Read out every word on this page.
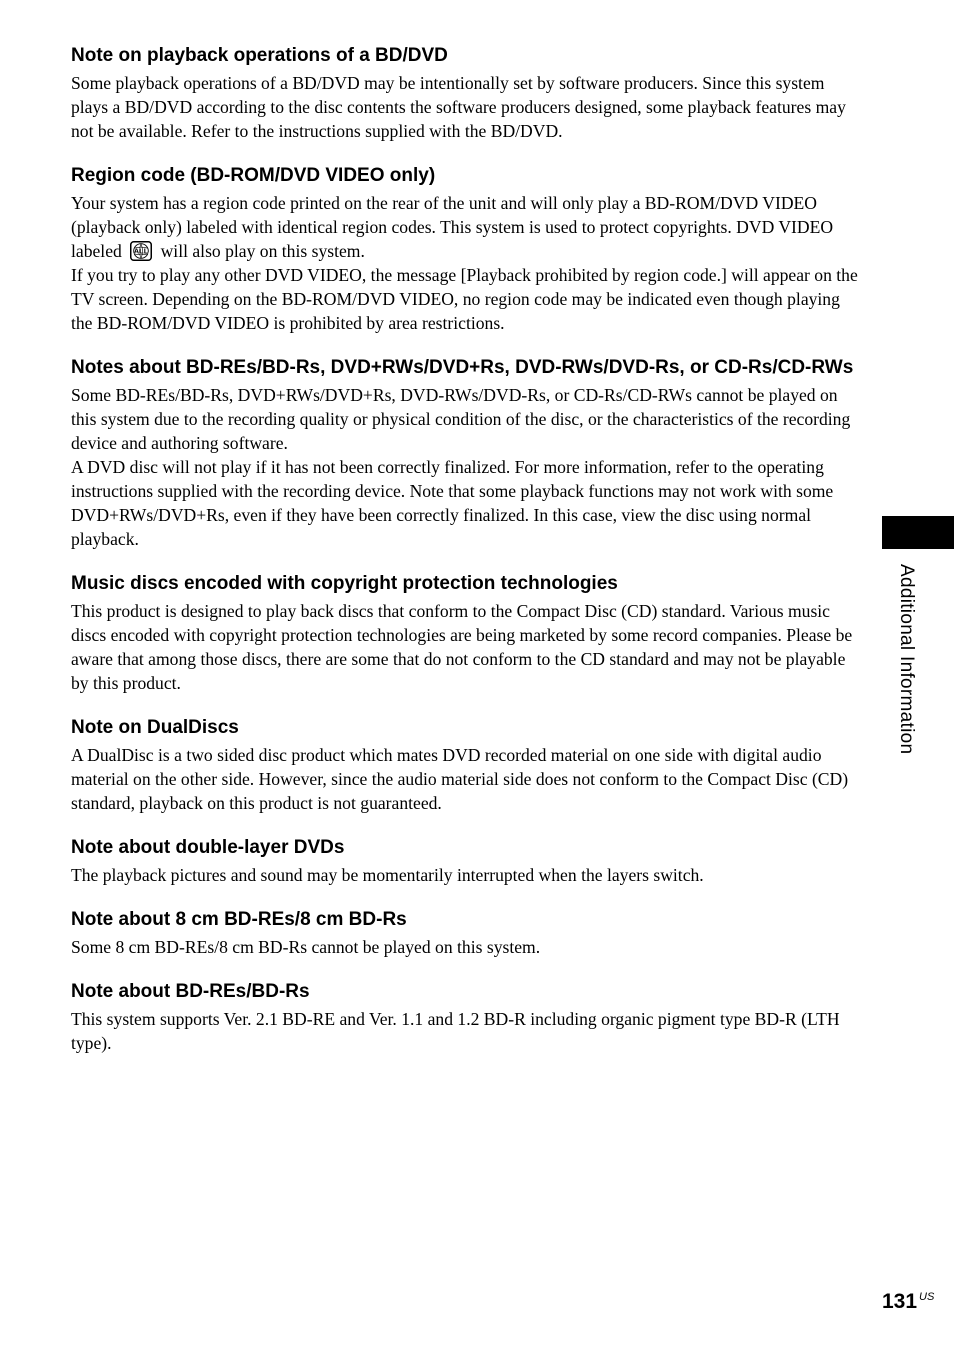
Note on playback operations of a BD/DVD

Some playback operations of a BD/DVD may be intentionally set by software producers. Since this system plays a BD/DVD according to the disc contents the software producers designed, some playback features may not be available. Refer to the instructions supplied with the BD/DVD.

Region code (BD-ROM/DVD VIDEO only)

Your system has a region code printed on the rear of the unit and will only play a BD-ROM/DVD VIDEO (playback only) labeled with identical region codes. This system is used to protect copyrights. DVD VIDEO labeled ALL will also play on this system.

If you try to play any other DVD VIDEO, the message [Playback prohibited by region code.] will appear on the TV screen. Depending on the BD-ROM/DVD VIDEO, no region code may be indicated even though playing the BD-ROM/DVD VIDEO is prohibited by area restrictions.

Notes about BD-REs/BD-Rs, DVD+RWs/DVD+Rs, DVD-RWs/DVD-Rs, or CD-Rs/CD-RWs

Some BD-REs/BD-Rs, DVD+RWs/DVD+Rs, DVD-RWs/DVD-Rs, or CD-Rs/CD-RWs cannot be played on this system due to the recording quality or physical condition of the disc, or the characteristics of the recording device and authoring software.

A DVD disc will not play if it has not been correctly finalized. For more information, refer to the operating instructions supplied with the recording device. Note that some playback functions may not work with some DVD+RWs/DVD+Rs, even if they have been correctly finalized. In this case, view the disc using normal playback.

Music discs encoded with copyright protection technologies

This product is designed to play back discs that conform to the Compact Disc (CD) standard. Various music discs encoded with copyright protection technologies are being marketed by some record companies. Please be aware that among those discs, there are some that do not conform to the CD standard and may not be playable by this product.

Note on DualDiscs

A DualDisc is a two sided disc product which mates DVD recorded material on one side with digital audio material on the other side. However, since the audio material side does not conform to the Compact Disc (CD) standard, playback on this product is not guaranteed.

Note about double-layer DVDs

The playback pictures and sound may be momentarily interrupted when the layers switch.

Note about 8 cm BD-REs/8 cm BD-Rs

Some 8 cm BD-REs/8 cm BD-Rs cannot be played on this system.

Note about BD-REs/BD-Rs

This system supports Ver. 2.1 BD-RE and Ver. 1.1 and 1.2 BD-R including organic pigment type BD-R (LTH type).

Additional Information
131 $^{US}$
